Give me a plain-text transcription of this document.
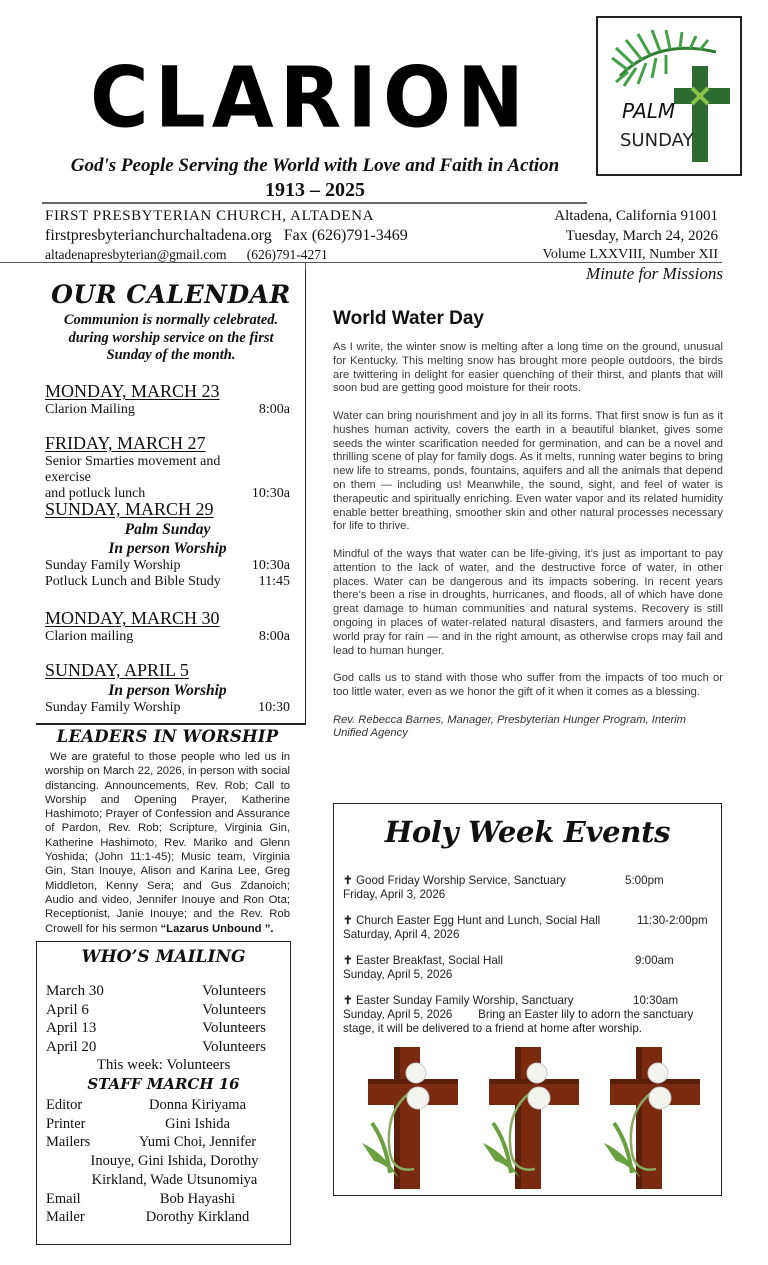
CLARION
God's People Serving the World with Love and Faith in Action
1913 – 2025
PALM
SUNDAY
FIRST PRESBYTERIAN CHURCH, ALTADENA
firstpresbyterianchurchaltadena.org Fax (626)791-3469
altadenapresbyterian@gmail.com (626)791-4271
Altadena, California 91001
Tuesday, March 24, 2026
Volume LXXVIII, Number XII
Minute for Missions
OUR CALENDAR
Communion is normally celebrated. during worship service on the first Sunday of the month.
MONDAY, MARCH 23
Clarion Mailing	8:00a
FRIDAY, MARCH 27
Senior Smarties movement and exercise
and potluck lunch	10:30a
SUNDAY, MARCH 29
Palm Sunday
In person Worship
Sunday Family Worship	10:30a
Potluck Lunch and Bible Study	11:45
MONDAY, MARCH 30
Clarion mailing	8:00a
SUNDAY, APRIL 5
In person Worship
Sunday Family Worship	10:30
LEADERS IN WORSHIP
We are grateful to those people who led us in worship on March 22, 2026, in person with social distancing. Announcements, Rev. Rob; Call to Worship and Opening Prayer, Katherine Hashimoto; Prayer of Confession and Assurance of Pardon, Rev. Rob; Scripture, Virginia Gin, Katherine Hashimoto, Rev. Mariko and Glenn Yoshida; (John 11:1-45); Music team, Virginia Gin, Stan Inouye, Alison and Karina Lee, Greg Middleton, Kenny Sera; and Gus Zdanoich; Audio and video, Jennifer Inouye and Ron Ota; Receptionist, Janie Inouye; and the Rev. Rob Crowell for his sermon “Lazarus Unbound ”.
WHO’S MAILING
March 30	Volunteers
April 6	Volunteers
April 13	Volunteers
April 20	Volunteers
This week: Volunteers
STAFF MARCH 16
Editor	Donna Kiriyama
Printer	Gini Ishida
Mailers	Yumi Choi, Jennifer
Inouye, Gini Ishida, Dorothy
Kirkland, Wade Utsunomiya
Email	Bob Hayashi
Mailer	Dorothy Kirkland
World Water Day

As I write, the winter snow is melting after a long time on the ground, unusual for Kentucky. This melting snow has brought more people outdoors, the birds are twittering in delight for easier quenching of their thirst, and plants that will soon bud are getting good moisture for their roots.

Water can bring nourishment and joy in all its forms. That first snow is fun as it hushes human activity, covers the earth in a beautiful blanket, gives some seeds the winter scarification needed for germination, and can be a novel and thrilling scene of play for family dogs. As it melts, running water begins to bring new life to streams, ponds, fountains, aquifers and all the animals that depend on them — including us! Meanwhile, the sound, sight, and feel of water is therapeutic and spiritually enriching. Even water vapor and its related humidity enable better breathing, smoother skin and other natural processes necessary for life to thrive.

Mindful of the ways that water can be life-giving, it’s just as important to pay attention to the lack of water, and the destructive force of water, in other places. Water can be dangerous and its impacts sobering. In recent years there’s been a rise in droughts, hurricanes, and floods, all of which have done great damage to human communities and natural systems. Recovery is still ongoing in places of water-related natural disasters, and farmers around the world pray for rain — and in the right amount, as otherwise crops may fail and lead to human hunger.

God calls us to stand with those who suffer from the impacts of too much or too little water, even as we honor the gift of it when it comes as a blessing.

Rev. Rebecca Barnes, Manager, Presbyterian Hunger Program, Interim Unified Agency

Holy Week Events
✝ Good Friday Worship Service, Sanctuary	5:00pm
Friday, April 3, 2026
✝ Church Easter Egg Hunt and Lunch, Social Hall	11:30-2:00pm
Saturday, April 4, 2026
✝ Easter Breakfast, Social Hall	9:00am
Sunday, April 5, 2026
✝ Easter Sunday Family Worship, Sanctuary	10:30am
Sunday, April 5, 2026 Bring an Easter lily to adorn the sanctuary stage, it will be delivered to a friend at home after worship.
